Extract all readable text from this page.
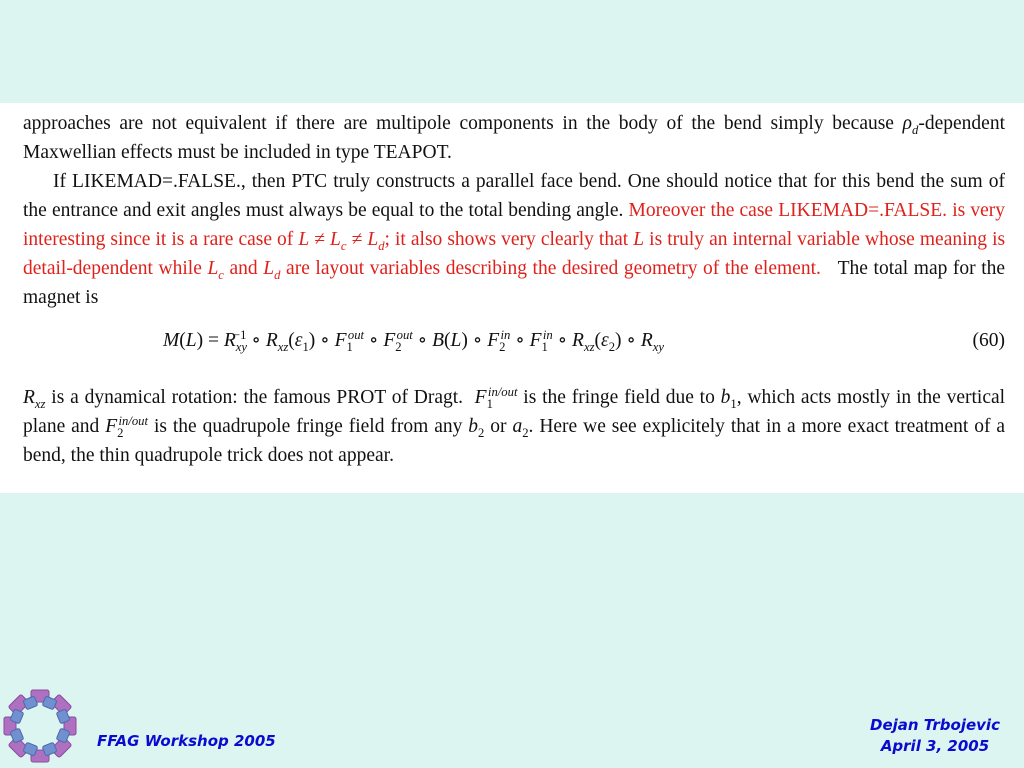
approaches are not equivalent if there are multipole components in the body of the bend simply because $\rho_d$-dependent Maxwellian effects must be included in type TEAPOT.

If LIKEMAD=.FALSE., then PTC truly constructs a parallel face bend. One should notice that for this bend the sum of the entrance and exit angles must always be equal to the total bending angle. Moreover the case LIKEMAD=.FALSE. is very interesting since it is a rare case of $L \ne L_c \ne L_d$; it also shows very clearly that L is truly an internal variable whose meaning is detail-dependent while $L_c$ and $L_d$ are layout variables describing the desired geometry of the element. The total map for the magnet is

$M(L) = R_{xy}^{-1}$ ∘ $R_{xz}(\varepsilon_1)$ ∘ $F_1^{out}$ ∘ $F_2^{out}$ ∘ B(L) ∘ $F_2^{in}$ ∘ $F_1^{in}$ ∘ $R_{xz}(\varepsilon_2)$ ∘ $R_{xy}$	(60)

$R_{xz}$ is a dynamical rotation: the famous PROT of Dragt. $F_1^{in/out}$ is the fringe field due to $b_1$, which acts mostly in the vertical plane and $F_2^{in/out}$ is the quadrupole fringe field from any $b_2$ or $a_2$. Here we see explicitely that in a more exact treatment of a bend, the thin quadrupole trick does not appear.

FFAG Workshop 2005
Dejan Trbojevic
April 3, 2005
